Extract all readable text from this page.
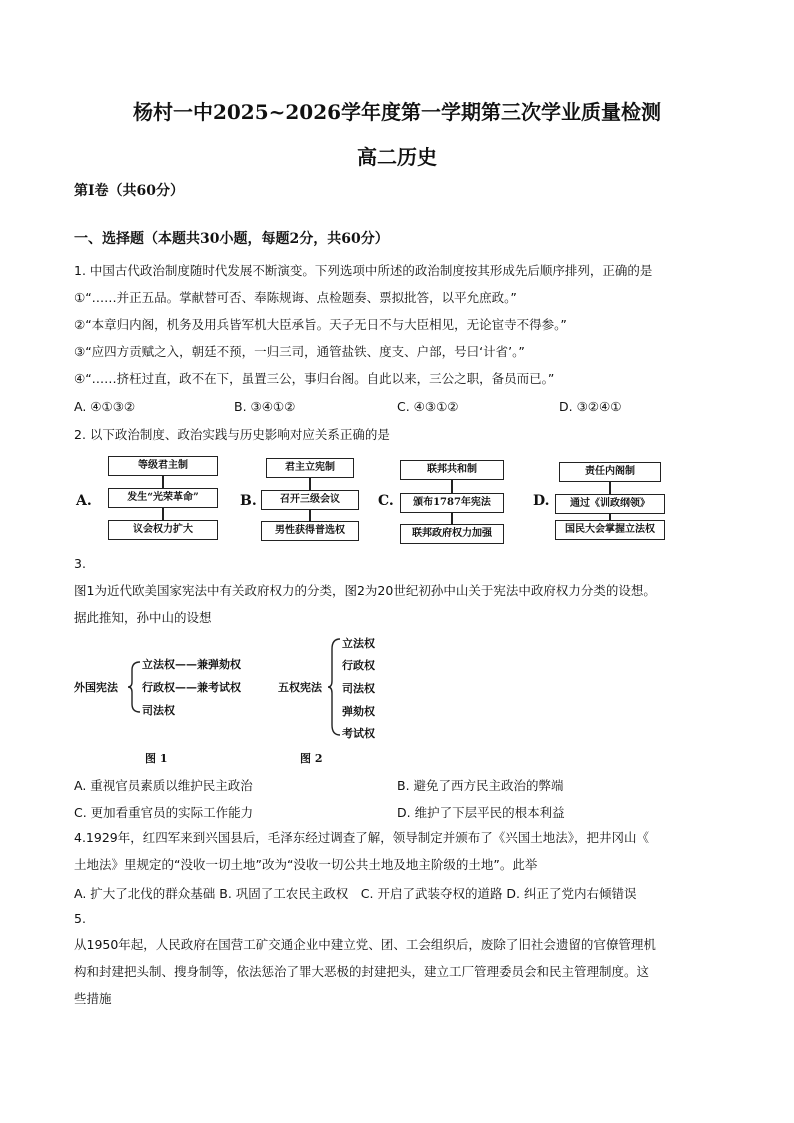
杨村一中2025~2026学年度第一学期第三次学业质量检测
高二历史
第Ⅰ卷（共60分）
一、选择题（本题共30小题，每题2分，共60分）
1. 中国古代政治制度随时代发展不断演变。下列选项中所述的政治制度按其形成先后顺序排列，正确的是
①“……并正五品。掌献替可否、奉陈规诲、点检题奏、票拟批答，以平允庶政。”
②“本章归内阁，机务及用兵皆军机大臣承旨。天子无日不与大臣相见，无论宦寺不得参。”
③“应四方贡赋之入，朝廷不预，一归三司，通管盐铁、度支、户部，号曰‘计省’。”
④“……挤枉过直，政不在下，虽置三公，事归台阁。自此以来，三公之职，备员而已。”
A. ④①③②	B. ③④①②	C. ④③①②	D. ③②④①
2. 以下政治制度、政治实践与历史影响对应关系正确的是
A.
等级君主制
发生“光荣革命”
议会权力扩大
B.
君主立宪制
召开三级会议
男性获得普选权
C.
联邦共和制
颁布1787年宪法
联邦政府权力加强
D.
责任内阁制
通过《训政纲领》
国民大会掌握立法权
3.
图1为近代欧美国家宪法中有关政府权力的分类，图2为20世纪初孙中山关于宪法中政府权力分类的设想。
据此推知，孙中山的设想
外国宪法
立法权——兼弹劾权
行政权——兼考试权
司法权
图 1
五权宪法
立法权
行政权
司法权
弹劾权
考试权
图 2
A. 重视官员素质以维护民主政治	B. 避免了西方民主政治的弊端
C. 更加看重官员的实际工作能力	D. 维护了下层平民的根本利益
4.1929年，红四军来到兴国县后，毛泽东经过调查了解，领导制定并颁布了《兴国土地法》，把井冈山《
土地法》里规定的“没收一切土地”改为“没收一切公共土地及地主阶级的土地”。此举
A. 扩大了北伐的群众基础 B. 巩固了工农民主政权　C. 开启了武装夺权的道路 D. 纠正了党内右倾错误
5.
从1950年起，人民政府在国营工矿交通企业中建立党、团、工会组织后，废除了旧社会遗留的官僚管理机
构和封建把头制、搜身制等，依法惩治了罪大恶极的封建把头，建立工厂管理委员会和民主管理制度。这
些措施
